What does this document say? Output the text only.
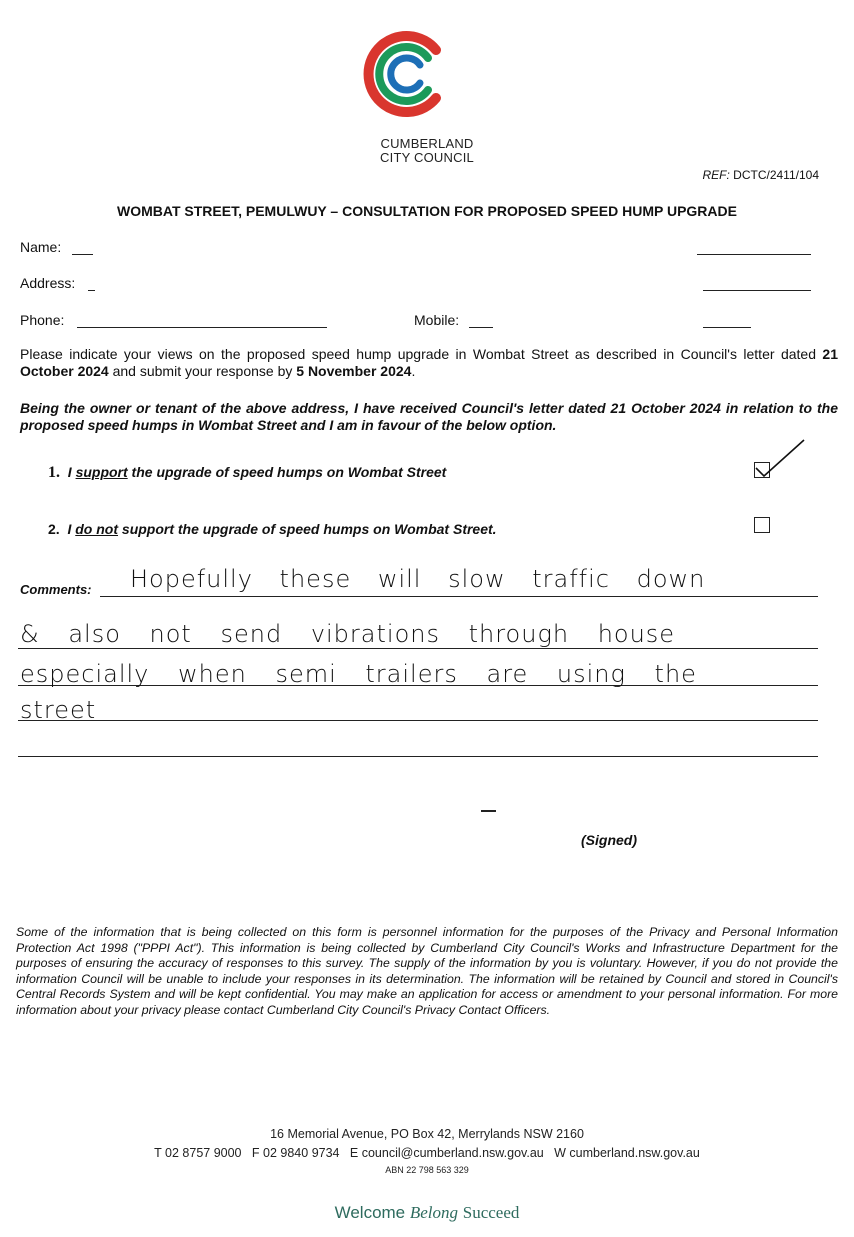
CUMBERLAND
CITY COUNCIL
REF: DCTC/2411/104
WOMBAT STREET, PEMULWUY – CONSULTATION FOR PROPOSED SPEED HUMP UPGRADE
Name:
Address:
Phone:	Mobile:
Please indicate your views on the proposed speed hump upgrade in Wombat Street as described in Council's letter dated 21 October 2024 and submit your response by 5 November 2024.
Being the owner or tenant of the above address, I have received Council's letter dated 21 October 2024 in relation to the proposed speed humps in Wombat Street and I am in favour of the below option.
1. I support the upgrade of speed humps on Wombat Street
2. I do not support the upgrade of speed humps on Wombat Street.
Comments: Hopefully these will slow traffic down
& also not send vibrations through house
especially when semi trailers are using the
street
(Signed)
Some of the information that is being collected on this form is personnel information for the purposes of the Privacy and Personal Information Protection Act 1998 ("PPPI Act"). This information is being collected by Cumberland City Council's Works and Infrastructure Department for the purposes of ensuring the accuracy of responses to this survey. The supply of the information by you is voluntary. However, if you do not provide the information Council will be unable to include your responses in its determination. The information will be retained by Council and stored in Council's Central Records System and will be kept confidential. You may make an application for access or amendment to your personal information. For more information about your privacy please contact Cumberland City Council's Privacy Contact Officers.
16 Memorial Avenue, PO Box 42, Merrylands NSW 2160
T 02 8757 9000   F 02 9840 9734   E council@cumberland.nsw.gov.au   W cumberland.nsw.gov.au
ABN 22 798 563 329
Welcome Belong Succeed
